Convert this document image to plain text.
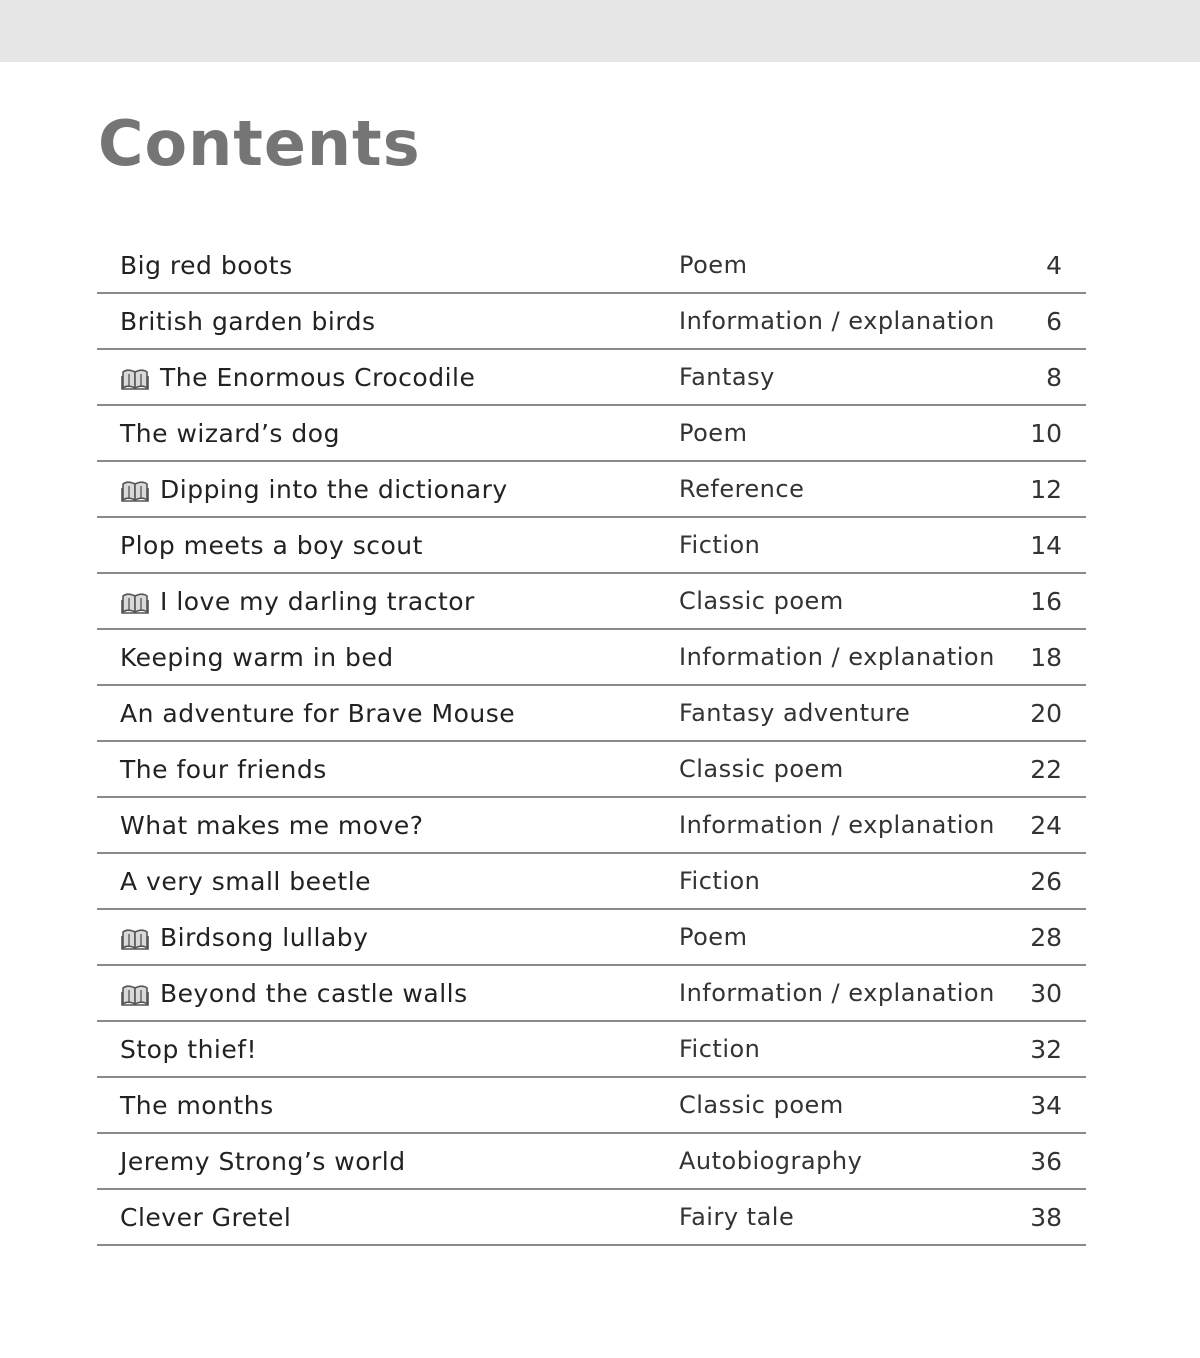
Contents
Big red boots	Poem	4
British garden birds	Information / explanation 6
The Enormous Crocodile	Fantasy	8
The wizard’s dog	Poem	10
Dipping into the dictionary	Reference	12
Plop meets a boy scout	Fiction	14
I love my darling tractor	Classic poem	16
Keeping warm in bed	Information / explanation 18
An adventure for Brave Mouse	Fantasy adventure	20
The four friends	Classic poem	22
What makes me move?	Information / explanation 24
A very small beetle	Fiction	26
Birdsong lullaby	Poem	28
Beyond the castle walls	Information / explanation 30
Stop thief!	Fiction	32
The months	Classic poem	34
Jeremy Strong’s world	Autobiography	36
Clever Gretel	Fairy tale	38
